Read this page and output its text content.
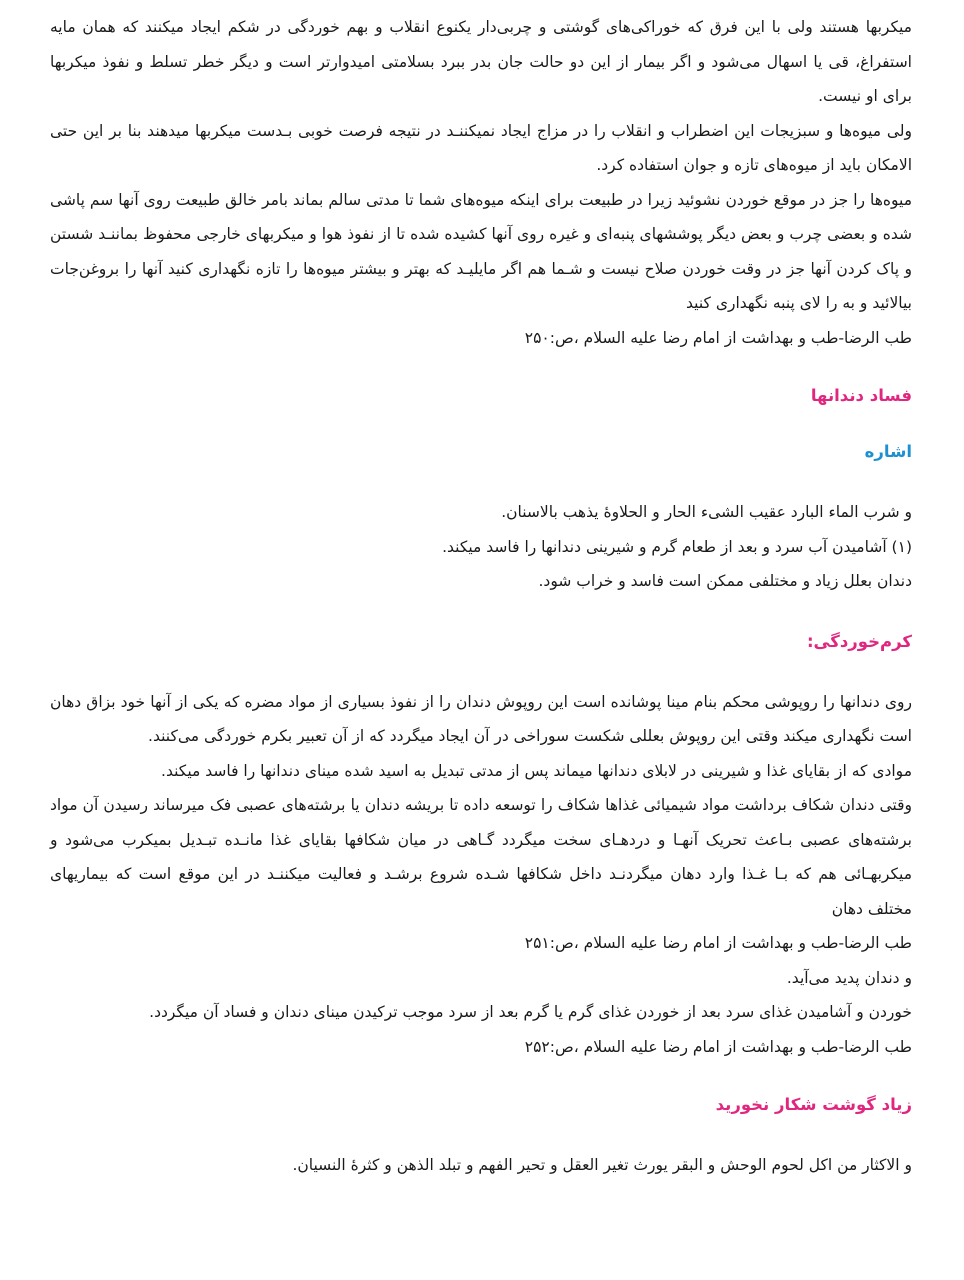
میکربها هستند ولی با این فرق که خوراکی‌های گوشتی و چربی‌دار یکنوع انقلاب و بهم خوردگی در شکم ایجاد میکنند که همان مایه استفراغ، قی یا اسهال می‌شود و اگر بیمار از این دو حالت جان بدر ببرد بسلامتی امیدوارتر است و دیگر خطر تسلط و نفوذ میکربها برای او نیست.
ولی میوه‌ها و سبزیجات این اضطراب و انقلاب را در مزاج ایجاد نمیکننـد در نتیجه فرصت خوبی بـدست میکربها میدهند بنا بر این حتی الامکان باید از میوه‌های تازه و جوان استفاده کرد.
میوه‌ها را جز در موقع خوردن نشوئید زیرا در طبیعت برای اینکه میوه‌های شما تا مدتی سالم بماند بامر خالق طبیعت روی آنها سم پاشی شده و بعضی چرب و بعض دیگر پوششهای پنبه‌ای و غیره روی آنها کشیده شده تا از نفوذ هوا و میکربهای خارجی محفوظ بماننـد شستن و پاک کردن آنها جز در وقت خوردن صلاح نیست و شـما هم اگر مایلیـد که بهتر و بیشتر میوه‌ها را تازه نگهداری کنید آنها را بروغن‌جات بیالائید و به را لای پنبه نگهداری کنید
طب الرضا-طب و بهداشت از امام رضا علیه السلام ،ص:۲۵۰
فساد دندانها
اشاره
و شرب الماء البارد عقیب الشی‌ء الحار و الحلاوهٔ یذهب بالاسنان.
(۱) آشامیدن آب سرد و بعد از طعام گرم و شیرینی دندانها را فاسد میکند.
دندان بعلل زیاد و مختلفی ممکن است فاسد و خراب شود.
کرم‌خوردگی:
روی دندانها را روپوشی محکم بنام مینا پوشانده است این روپوش دندان را از نفوذ بسیاری از مواد مضره که یکی از آنها خود بزاق دهان است نگهداری میکند وقتی این روپوش بعللی شکست سوراخی در آن ایجاد میگردد که از آن تعبیر بکرم خوردگی می‌کنند.
موادی که از بقایای غذا و شیرینی در لابلای دندانها میماند پس از مدتی تبدیل به اسید شده مینای دندانها را فاسد میکند.
وقتی دندان شکاف برداشت مواد شیمیائی غذاها شکاف را توسعه داده تا بریشه دندان یا برشته‌های عصبی فک میرساند رسیدن آن مواد برشته‌های عصبی بـاعث تحریک آنهـا و دردهـای سخت میگردد گـاهی در میان شکافها بقایای غذا مانـده تبـدیل بمیکرب می‌شود و میکربهـائی هم که بـا غـذا وارد دهان میگردنـد داخل شکافها شـده شروع برشـد و فعالیت میکننـد در این موقع است که بیماریهای مختلف دهان
طب الرضا-طب و بهداشت از امام رضا علیه السلام ،ص:۲۵۱
و دندان پدید می‌آید.
خوردن و آشامیدن غذای سرد بعد از خوردن غذای گرم یا گرم بعد از سرد موجب ترکیدن مینای دندان و فساد آن میگردد.
طب الرضا-طب و بهداشت از امام رضا علیه السلام ،ص:۲۵۲
زیاد گوشت شکار نخورید
و الاکثار من اکل لحوم الوحش و البقر یورث تغیر العقل و تحیر الفهم و تبلد الذهن و کثرهٔ النسیان.
